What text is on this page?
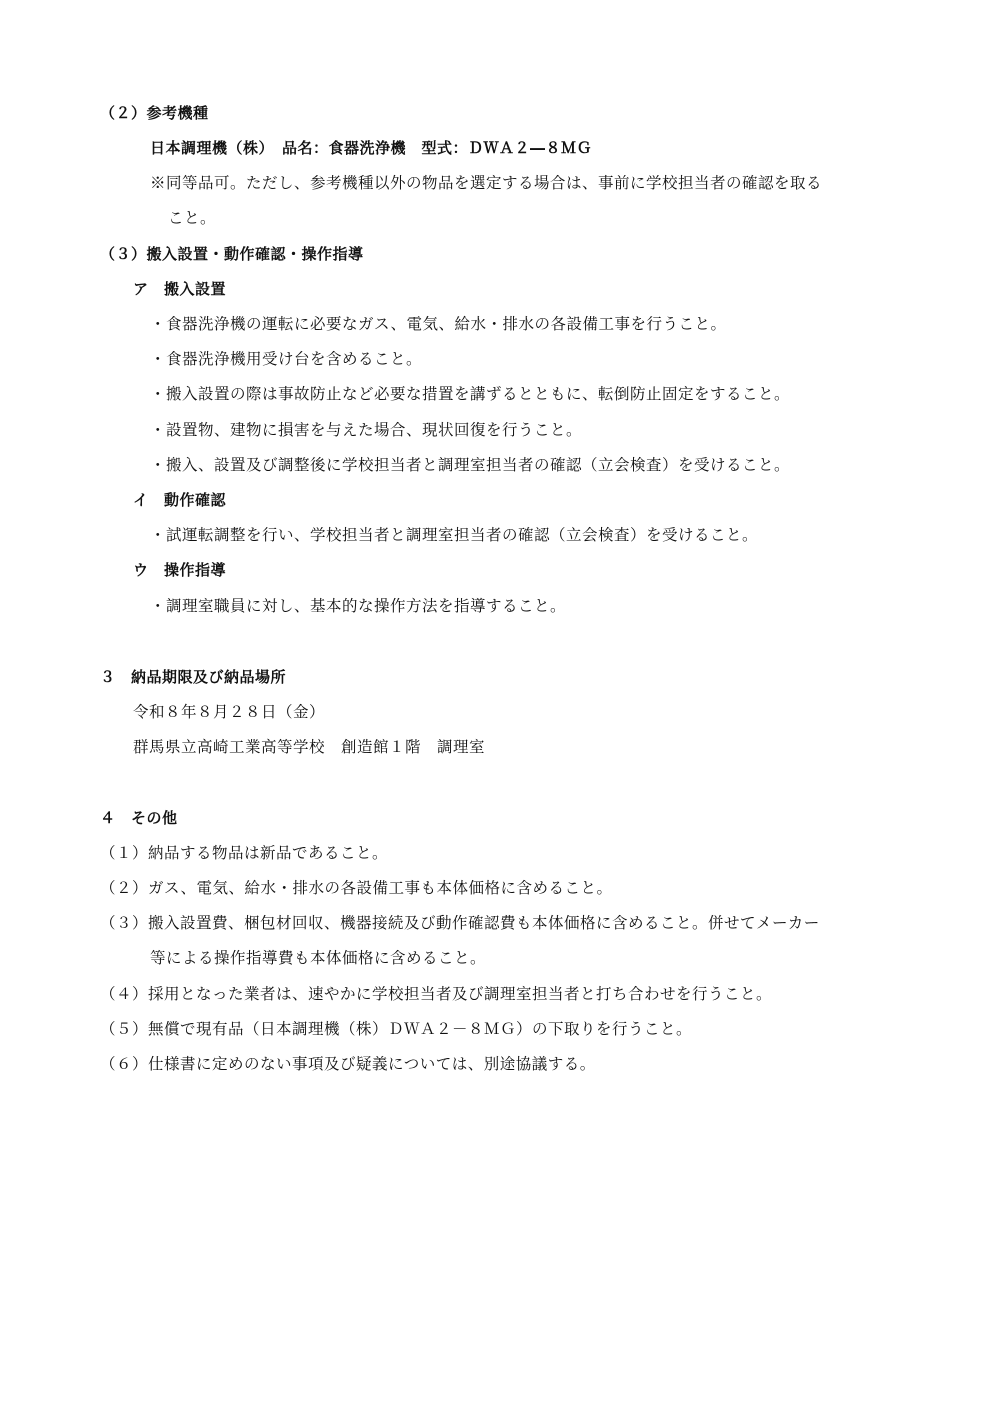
（２）参考機種
日本調理機（株）　品名：食器洗浄機　型式：ＤＷＡ２―８ＭＧ
※同等品可。ただし、参考機種以外の物品を選定する場合は、事前に学校担当者の確認を取る
こと。
（３）搬入設置・動作確認・操作指導
ア　搬入設置
・食器洗浄機の運転に必要なガス、電気、給水・排水の各設備工事を行うこと。
・食器洗浄機用受け台を含めること。
・搬入設置の際は事故防止など必要な措置を講ずるとともに、転倒防止固定をすること。
・設置物、建物に損害を与えた場合、現状回復を行うこと。
・搬入、設置及び調整後に学校担当者と調理室担当者の確認（立会検査）を受けること。
イ　動作確認
・試運転調整を行い、学校担当者と調理室担当者の確認（立会検査）を受けること。
ウ　操作指導
・調理室職員に対し、基本的な操作方法を指導すること。
３　納品期限及び納品場所
令和８年８月２８日（金）
群馬県立高崎工業高等学校　創造館１階　調理室
４　その他
（１）納品する物品は新品であること。
（２）ガス、電気、給水・排水の各設備工事も本体価格に含めること。
（３）搬入設置費、梱包材回収、機器接続及び動作確認費も本体価格に含めること。併せてメーカー
等による操作指導費も本体価格に含めること。
（４）採用となった業者は、速やかに学校担当者及び調理室担当者と打ち合わせを行うこと。
（５）無償で現有品（日本調理機（株）ＤＷＡ２－８ＭＧ）の下取りを行うこと。
（６）仕様書に定めのない事項及び疑義については、別途協議する。
